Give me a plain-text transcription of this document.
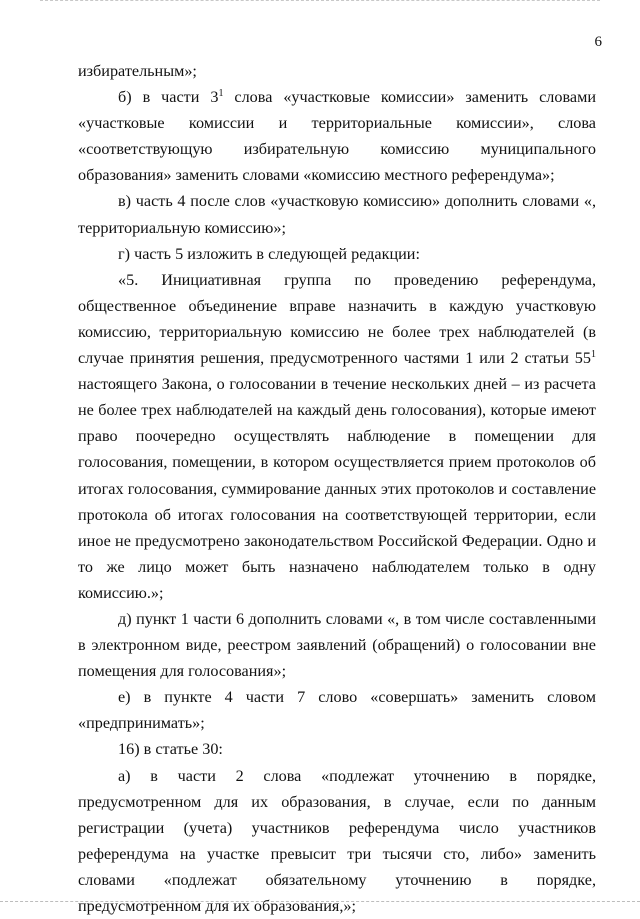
6

избирательным»;

б) в части $3^1$ слова «участковые комиссии» заменить словами «участковые комиссии и территориальные комиссии», слова «соответствующую избирательную комиссию муниципального образования» заменить словами «комиссию местного референдума»;

в) часть 4 после слов «участковую комиссию» дополнить словами «, территориальную комиссию»;

г) часть 5 изложить в следующей редакции:

«5. Инициативная группа по проведению референдума, общественное объединение вправе назначить в каждую участковую комиссию, территориальную комиссию не более трех наблюдателей (в случае принятия решения, предусмотренного частями 1 или 2 статьи $55^1$ настоящего Закона, о голосовании в течение нескольких дней – из расчета не более трех наблюдателей на каждый день голосования), которые имеют право поочередно осуществлять наблюдение в помещении для голосования, помещении, в котором осуществляется прием протоколов об итогах голосования, суммирование данных этих протоколов и составление протокола об итогах голосования на соответствующей территории, если иное не предусмотрено законодательством Российской Федерации. Одно и то же лицо может быть назначено наблюдателем только в одну комиссию.»;

д) пункт 1 части 6 дополнить словами «, в том числе составленными в электронном виде, реестром заявлений (обращений) о голосовании вне помещения для голосования»;

е) в пункте 4 части 7 слово «совершать» заменить словом «предпринимать»;

16) в статье 30:

а) в части 2 слова «подлежат уточнению в порядке, предусмотренном для их образования, в случае, если по данным регистрации (учета) участников референдума число участников референдума на участке превысит три тысячи сто, либо» заменить словами «подлежат обязательному уточнению в порядке, предусмотренном для их образования,»;
